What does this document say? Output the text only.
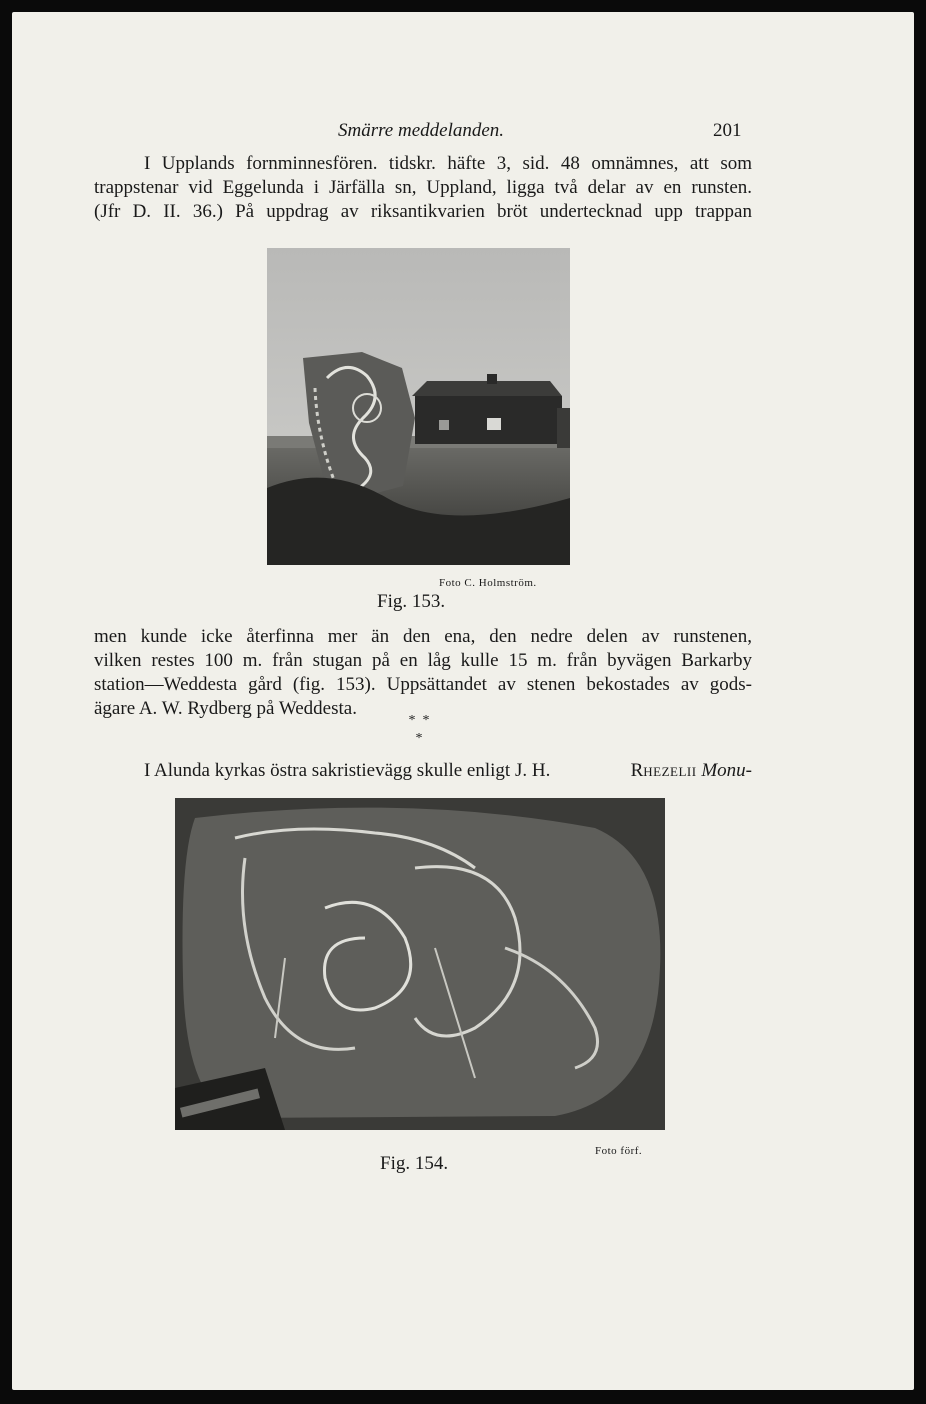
Smärre meddelanden.	201
I Upplands fornminnesfören. tidskr. häfte 3, sid. 48 omnämnes, att som
trappstenar vid Eggelunda i Järfälla sn, Uppland, ligga två delar av en runsten.
(Jfr D. II. 36.) På uppdrag av riksantikvarien bröt undertecknad upp trappan
Foto C. Holmström.
Fig. 153.
men kunde icke återfinna mer än den ena, den nedre delen av runstenen,
vilken restes 100 m. från stugan på en låg kulle 15 m. från byvägen Barkarby
station—Weddesta gård (fig. 153). Uppsättandet av stenen bekostades av gods-
ägare A. W. Rydberg på Weddesta.
*  *
*
I Alunda kyrkas östra sakristievägg skulle enligt J. H.	RHEZELII Monu-
Fig. 154.
Foto förf.
